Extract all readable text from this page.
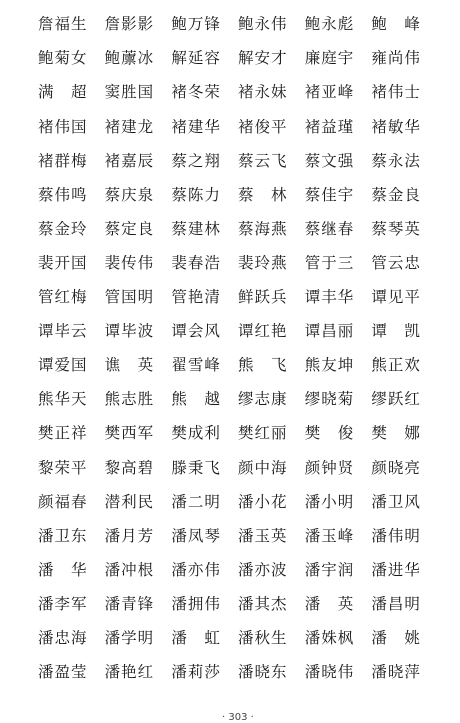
詹福生	詹影影	鲍万锋	鲍永伟	鲍永彪	鲍　峰
鲍菊女	鲍䕲冰	解延容	解安才	廉庭宇	雍尚伟
满　超	窦胜国	褚冬荣	褚永妹	褚亚峰	褚伟士
褚伟国	褚建龙	褚建华	褚俊平	褚益瑾	褚敏华
褚群梅	褚嘉辰	蔡之翔	蔡云飞	蔡文强	蔡永法
蔡伟鸣	蔡庆泉	蔡陈力	蔡　林	蔡佳宇	蔡金良
蔡金玲	蔡定良	蔡建林	蔡海燕	蔡继春	蔡琴英
裴开国	裴传伟	裴春浩	裴玲燕	管于三	管云忠
管红梅	管国明	管艳清	鲜跃兵	谭丰华	谭见平
谭毕云	谭毕波	谭会风	谭红艳	谭昌丽	谭　凯
谭爱国	谯　英	翟雪峰	熊　飞	熊友坤	熊正欢
熊华天	熊志胜	熊　越	缪志康	缪晓菊	缪跃红
樊正祥	樊西军	樊成利	樊红丽	樊　俊	樊　娜
黎荣平	黎高碧	滕秉飞	颜中海	颜钟贤	颜晓亮
颜福春	潜利民	潘二明	潘小花	潘小明	潘卫风
潘卫东	潘月芳	潘凤琴	潘玉英	潘玉峰	潘伟明
潘　华	潘冲根	潘亦伟	潘亦波	潘宇润	潘进华
潘李军	潘青锋	潘拥伟	潘其杰	潘　英	潘昌明
潘忠海	潘学明	潘　虹	潘秋生	潘姝枫	潘　姚
潘盈莹	潘艳红	潘莉莎	潘晓东	潘晓伟	潘晓萍
· 303 ·
